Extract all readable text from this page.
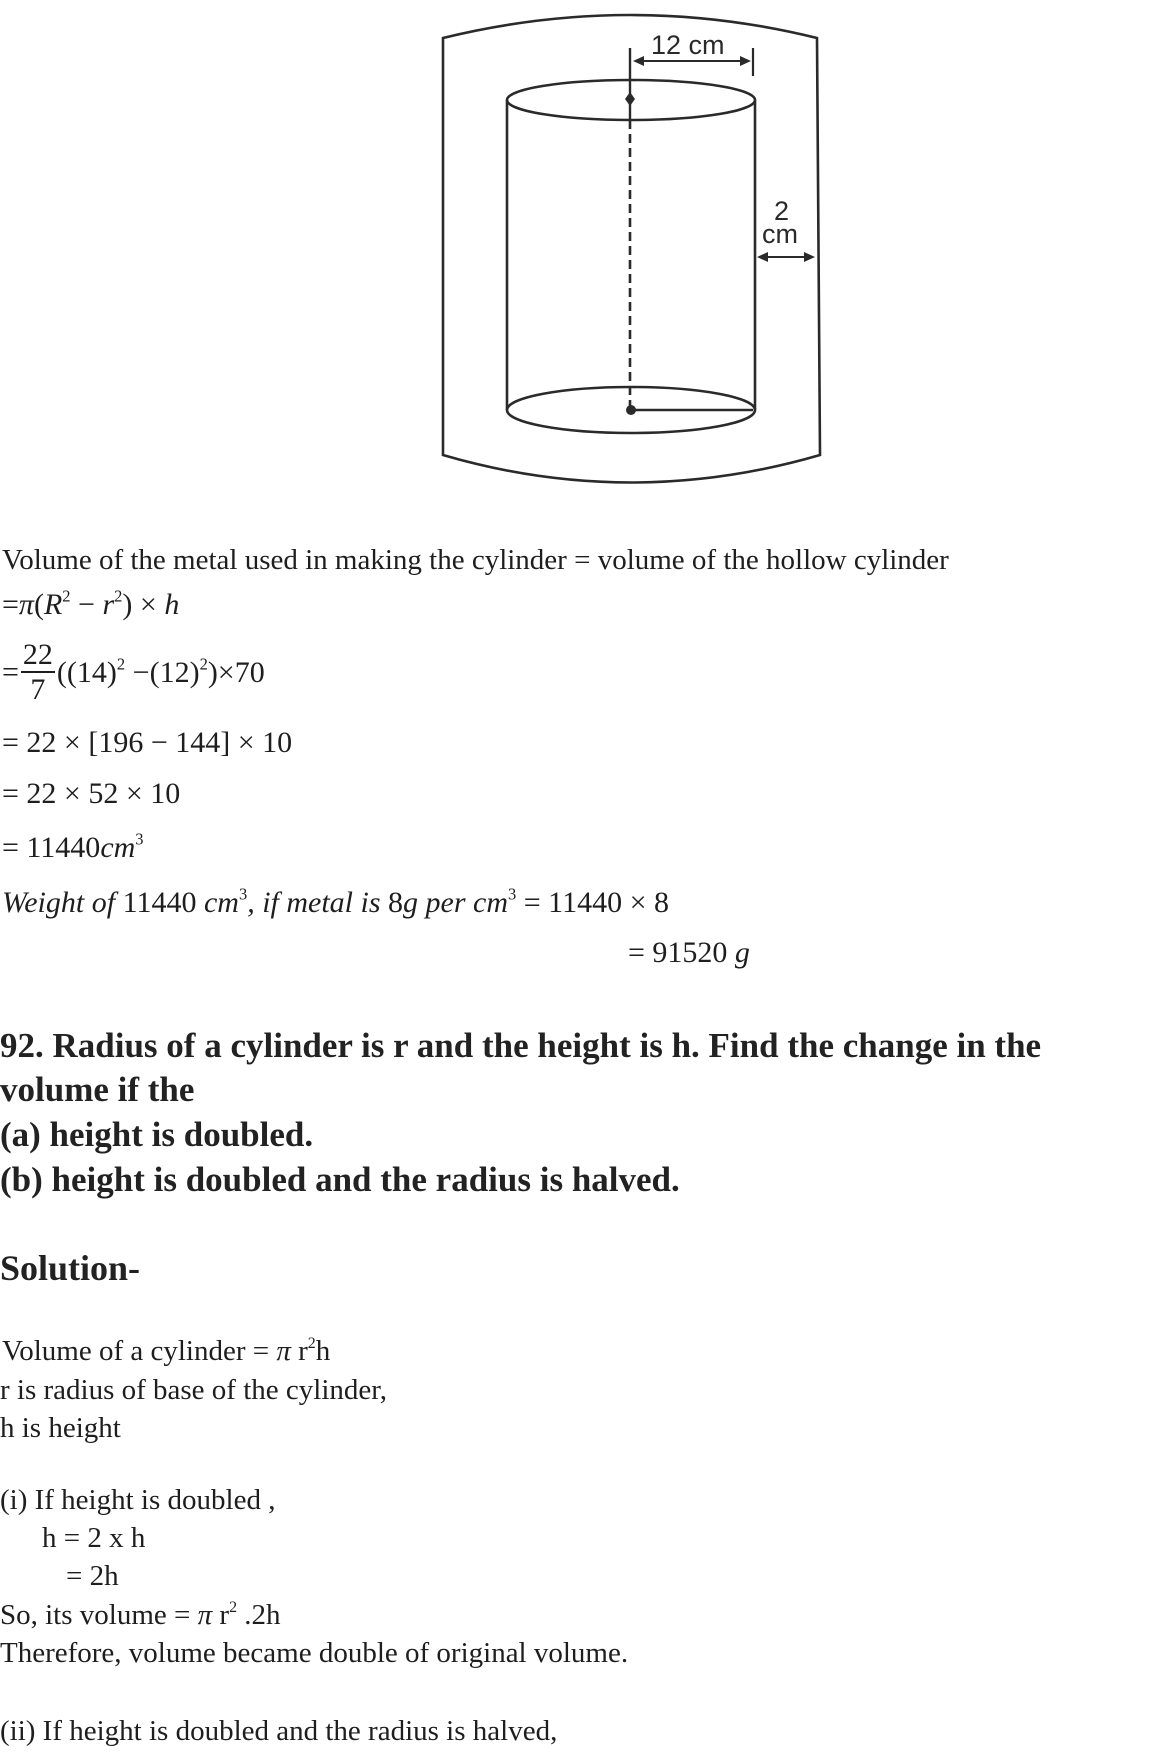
12 cm
2
cm
Volume of the metal used in making the cylinder = volume of the hollow cylinder
$=\pi(R^2 - r^2) \times h$
= $\frac{22}{7} ((14)^2 -(12)^2)\times 70$
= 22 × [196 − 144] × 10
= 22 × 52 × 10
= $11440cm^3$
Weight of 11440 $cm^3$, if metal is 8g per $cm^3 = 11440 \times 8$
= 91520 g
92. Radius of a cylinder is r and the height is h. Find the change in the
volume if the
(a) height is doubled.
(b) height is doubled and the radius is halved.
Solution-
Volume of a cylinder = π $r^2h$
r is radius of base of the cylinder,
h is height
(i) If height is doubled ,
h = 2 x h
= 2h
So, its volume = π $r^2$ .2h
Therefore, volume became double of original volume.
(ii) If height is doubled and the radius is halved,
